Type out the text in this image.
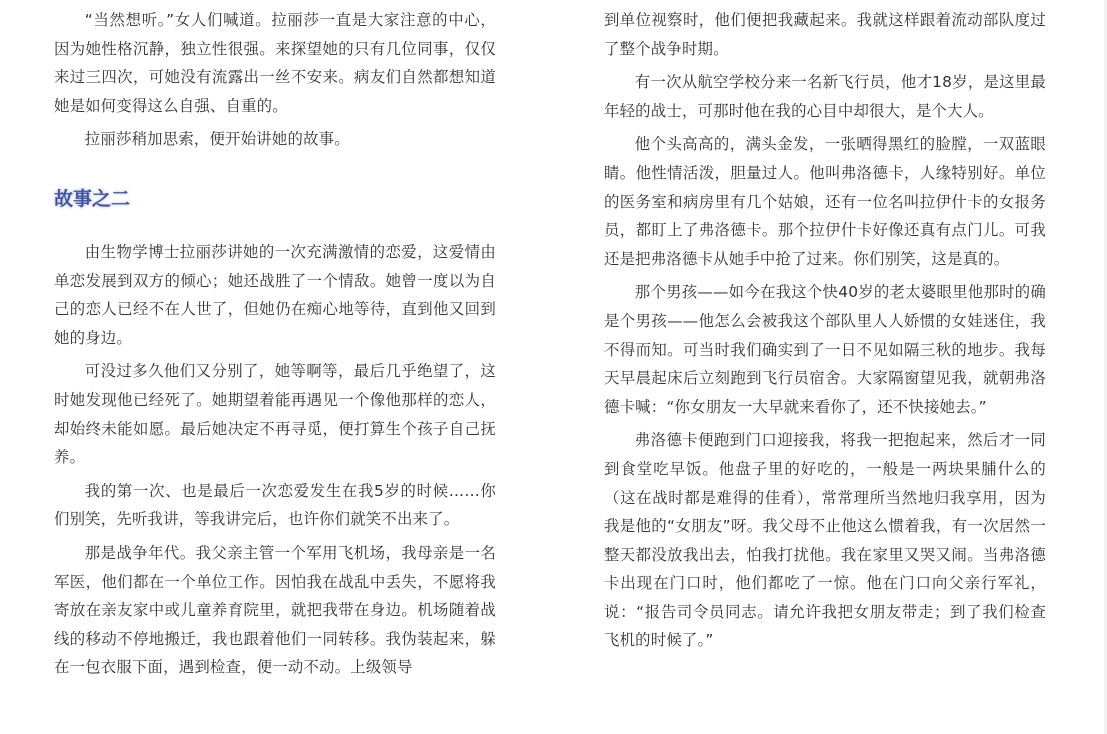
“当然想听。”女人们喊道。拉丽莎一直是大家注意的中心，因为她性格沉静，独立性很强。来探望她的只有几位同事，仅仅来过三四次，可她没有流露出一丝不安来。病友们自然都想知道她是如何变得这么自强、自重的。

拉丽莎稍加思索，便开始讲她的故事。

故事之二

由生物学博士拉丽莎讲她的一次充满激情的恋爱，这爱情由单恋发展到双方的倾心；她还战胜了一个情敌。她曾一度以为自己的恋人已经不在人世了，但她仍在痴心地等待，直到他又回到她的身边。

可没过多久他们又分别了，她等啊等，最后几乎绝望了，这时她发现他已经死了。她期望着能再遇见一个像他那样的恋人，却始终未能如愿。最后她决定不再寻觅，便打算生个孩子自己抚养。

我的第一次、也是最后一次恋爱发生在我5岁的时候……你们别笑，先听我讲，等我讲完后，也许你们就笑不出来了。

那是战争年代。我父亲主管一个军用飞机场，我母亲是一名军医，他们都在一个单位工作。因怕我在战乱中丢失，不愿将我寄放在亲友家中或儿童养育院里，就把我带在身边。机场随着战线的移动不停地搬迁，我也跟着他们一同转移。我伪装起来，躲在一包衣服下面，遇到检查，便一动不动。上级领导

到单位视察时，他们便把我藏起来。我就这样跟着流动部队度过了整个战争时期。

有一次从航空学校分来一名新飞行员，他才18岁，是这里最年轻的战士，可那时他在我的心目中却很大，是个大人。

他个头高高的，满头金发，一张晒得黑红的脸膛，一双蓝眼睛。他性情活泼，胆量过人。他叫弗洛德卡，人缘特别好。单位的医务室和病房里有几个姑娘，还有一位名叫拉伊什卡的女报务员，都盯上了弗洛德卡。那个拉伊什卡好像还真有点门儿。可我还是把弗洛德卡从她手中抢了过来。你们别笑，这是真的。

那个男孩——如今在我这个快40岁的老太婆眼里他那时的确是个男孩——他怎么会被我这个部队里人人娇惯的女娃迷住，我不得而知。可当时我们确实到了一日不见如隔三秋的地步。我每天早晨起床后立刻跑到飞行员宿舍。大家隔窗望见我，就朝弗洛德卡喊：“你女朋友一大早就来看你了，还不快接她去。”

弗洛德卡便跑到门口迎接我，将我一把抱起来，然后才一同到食堂吃早饭。他盘子里的好吃的，一般是一两块果脯什么的（这在战时都是难得的佳肴），常常理所当然地归我享用，因为我是他的“女朋友”呀。我父母不止他这么惯着我，有一次居然一整天都没放我出去，怕我打扰他。我在家里又哭又闹。当弗洛德卡出现在门口时，他们都吃了一惊。他在门口向父亲行军礼，说：“报告司令员同志。请允许我把女朋友带走；到了我们检查飞机的时候了。”
